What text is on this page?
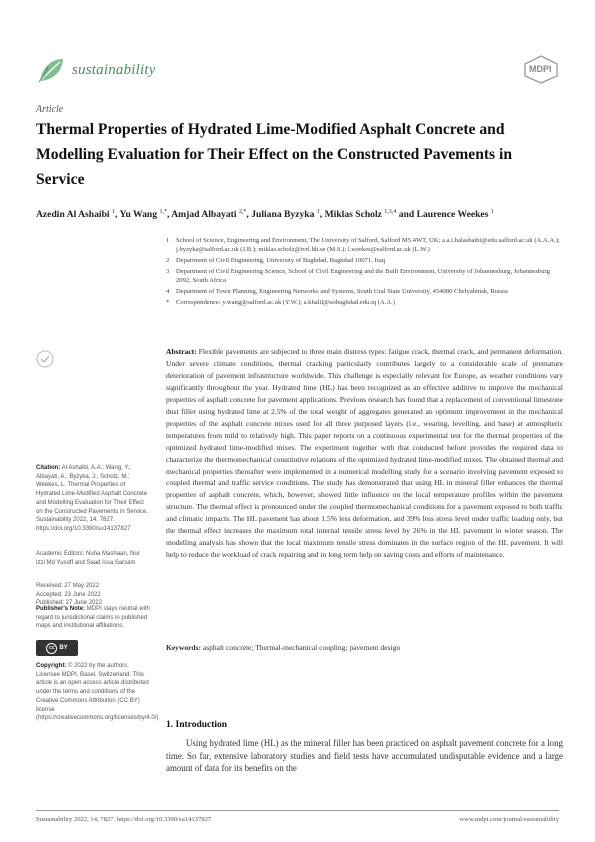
sustainability	MDPI
Article
Thermal Properties of Hydrated Lime-Modified Asphalt Concrete and Modelling Evaluation for Their Effect on the Constructed Pavements in Service
Azedin Al Ashaibi $^1$, Yu Wang $^{1,*}$, Amjad Albayati $^{2,*}$, Juliana Byzyka $^1$, Miklas Scholz $^{1,3,4}$ and Laurence Weekes $^1$
1	School of Science, Engineering and Environment, The University of Salford, Salford M5 4WT, UK; a.a.i.halashaibi@edu.salford.ac.uk (A.A.A.); j.byzyka@salford.ac.uk (J.B.); miklas.scholz@tvrl.lth.se (M.S.); l.weekes@salford.ac.uk (L.W.)
2	Department of Civil Engineering, University of Baghdad, Baghdad 10071, Iraq
3	Department of Civil Engineering Science, School of Civil Engineering and the Built Environment, University of Johannesburg, Johannesburg 2092, South Africa
4	Department of Town Planning, Engineering Networks and Systems, South Ural State University, 454080 Chelyabinsk, Russia
*	Correspondence: y.wang@salford.ac.uk (Y.W.); a.khalil@uobaghdad.edu.iq (A.A.)
Citation: Al Ashaibi, A.A.; Wang, Y.; Albayati, A.; Byzyka, J.; Scholz, M.; Weekes, L. Thermal Properties of Hydrated Lime-Modified Asphalt Concrete and Modelling Evaluation for Their Effect on the Constructed Pavements in Service. Sustainability 2022, 14, 7827. https://doi.org/10.3390/su14137827
Academic Editors: Nuha Mashaan, Nur Izzi Md Yusoff and Saad Issa Sarsam
Received: 27 May 2022
Accepted: 23 June 2022
Published: 27 June 2022
Publisher's Note: MDPI stays neutral with regard to jurisdictional claims in published maps and institutional affiliations.
cc BY
Copyright: © 2022 by the authors. Licensee MDPI, Basel, Switzerland. This article is an open access article distributed under the terms and conditions of the Creative Commons Attribution (CC BY) license (https://creativecommons.org/licenses/by/4.0/).
Abstract: Flexible pavements are subjected to three main distress types: fatigue crack, thermal crack, and permanent deformation. Under severe climate conditions, thermal cracking particularly contributes largely to a considerable scale of premature deterioration of pavement infrastructure worldwide. This challenge is especially relevant for Europe, as weather conditions vary significantly throughout the year. Hydrated lime (HL) has been recognized as an effective additive to improve the mechanical properties of asphalt concrete for pavement applications. Previous research has found that a replacement of conventional limestone dust filler using hydrated lime at 2.5% of the total weight of aggregates generated an optimum improvement in the mechanical properties of the asphalt concrete mixes used for all three purposed layers (i.e., wearing, levelling, and base) at atmospheric temperatures from mild to relatively high. This paper reports on a continuous experimental test for the thermal properties of the optimized hydrated lime-modified mixes. The experiment together with that conducted before provides the required data to characterize the thermomechanical constitutive relations of the optimized hydrated lime-modified mixes. The obtained thermal and mechanical properties thereafter were implemented in a numerical modelling study for a scenario involving pavement exposed to coupled thermal and traffic service conditions. The study has demonstrated that using HL in mineral filler enhances the thermal properties of asphalt concrete, which, however, showed little influence on the local temperature profiles within the pavement structure. The thermal effect is pronounced under the coupled thermomechanical conditions for a pavement exposed to both traffic and climatic impacts. The HL pavement has about 1.5% less deformation, and 39% less stress level under traffic loading only, but the thermal effect increases the maximum total internal tensile stress level by 26% in the HL pavement in winter season. The modelling analysis has shown that the local maximum tensile stress dominates in the surface region of the HL pavement. It will help to reduce the workload of crack repairing and in long term help on saving costs and efforts of maintenance.
Keywords: asphalt concrete; Thermal-mechanical coupling; pavement design
1. Introduction
Using hydrated lime (HL) as the mineral filler has been practiced on asphalt pavement concrete for a long time. So far, extensive laboratory studies and field tests have accumulated undisputable evidence and a large amount of data for its benefits on the
Sustainability 2022, 14, 7827. https://doi.org/10.3390/su14137827	www.mdpi.com/journal/sustainability
